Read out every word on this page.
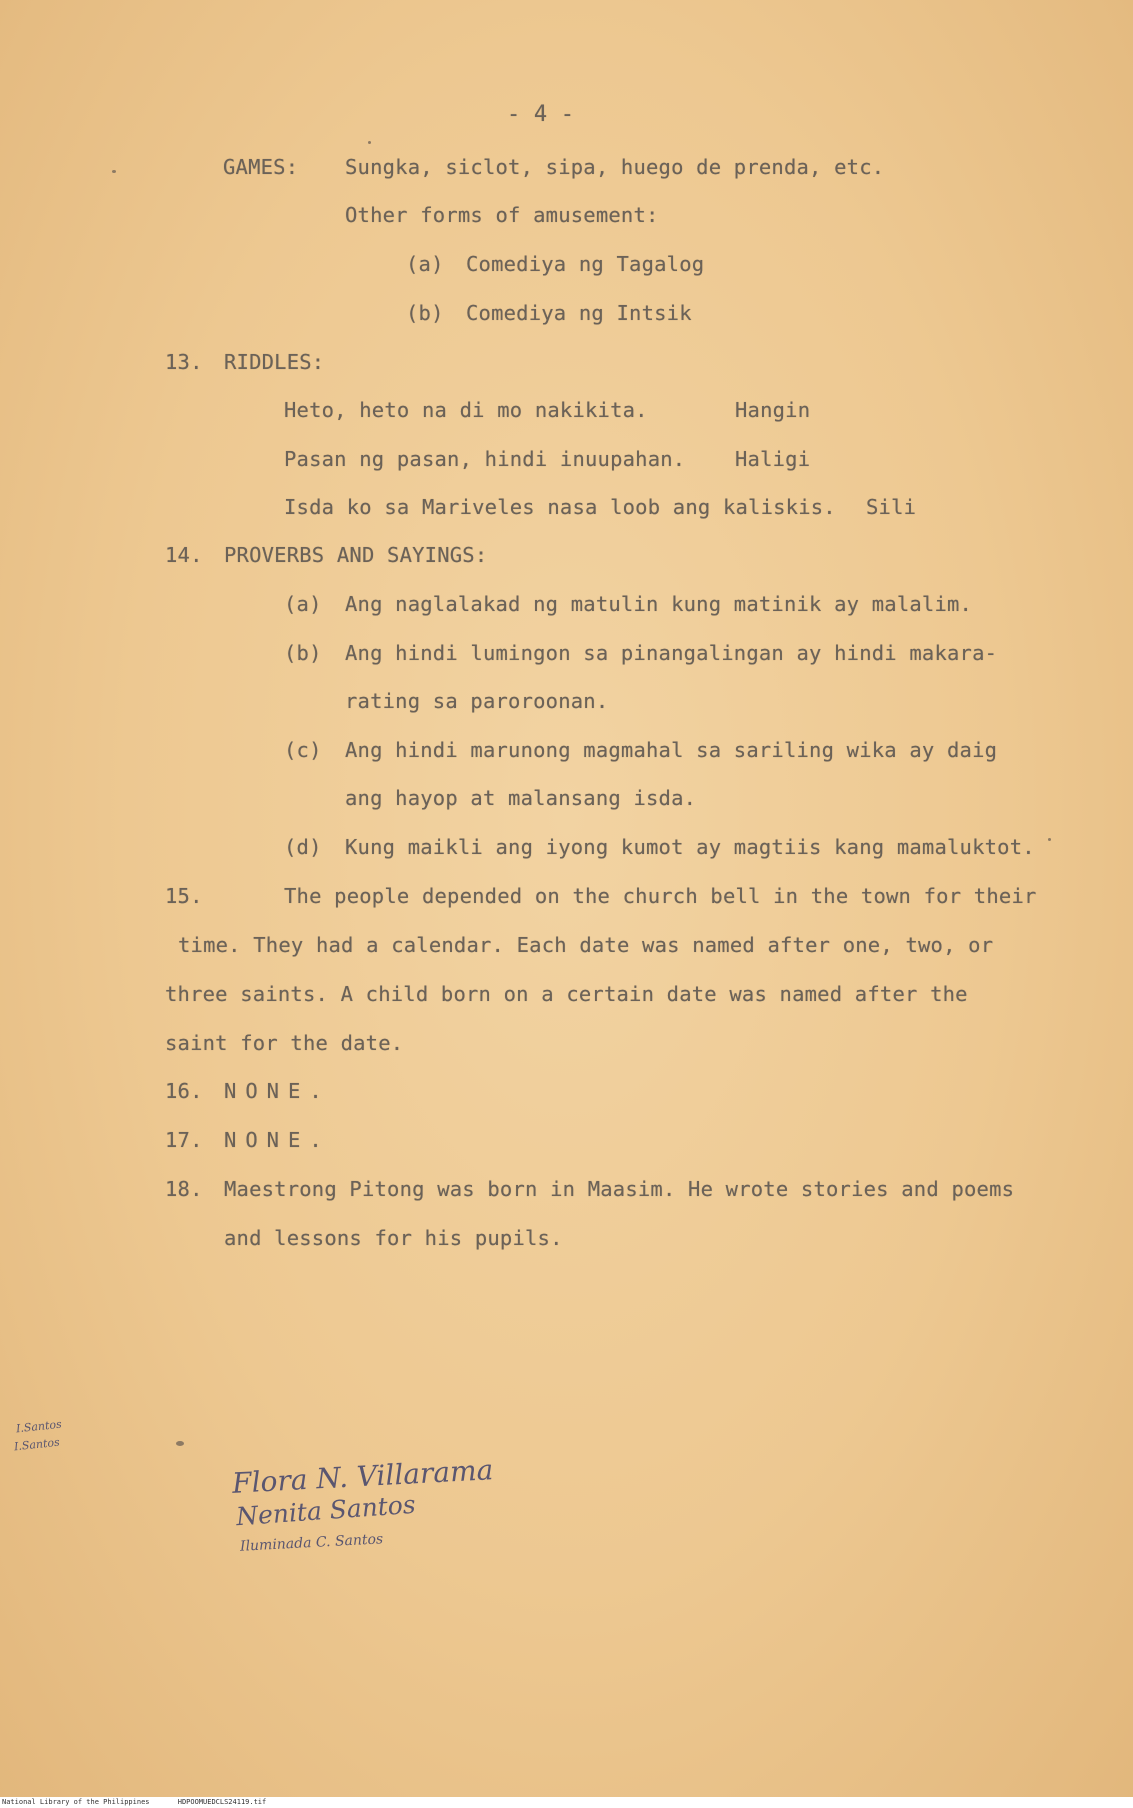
- 4 -
GAMES: Sungka, siclot, sipa, huego de prenda, etc.
Other forms of amusement:
(a) Comediya ng Tagalog
(b) Comediya ng Intsik
13. RIDDLES:
Heto, heto na di mo nakikita.	Hangin
Pasan ng pasan, hindi inuupahan. Haligi
Isda ko sa Mariveles nasa loob ang kaliskis. Sili
14. PROVERBS AND SAYINGS:
(a) Ang naglalakad ng matulin kung matinik ay malalim.
(b) Ang hindi lumingon sa pinangalingan ay hindi makara-
rating sa paroroonan.
(c) Ang hindi marunong magmahal sa sariling wika ay daig
ang hayop at malansang isda.
(d) Kung maikli ang iyong kumot ay magtiis kang mamaluktot.
15.	The people depended on the church bell in the town for their
time. They had a calendar. Each date was named after one, two, or
three saints. A child born on a certain date was named after the
saint for the date.
16. NONE.
17. NONE.
18. Maestrong Pitong was born in Maasim. He wrote stories and poems
and lessons for his pupils.
I.Santos
I.Santos
Flora N. Villarama
Nenita Santos
Iluminada C. Santos
National Library of the Philippines	HDPOOMUEDCLS24119.tif
